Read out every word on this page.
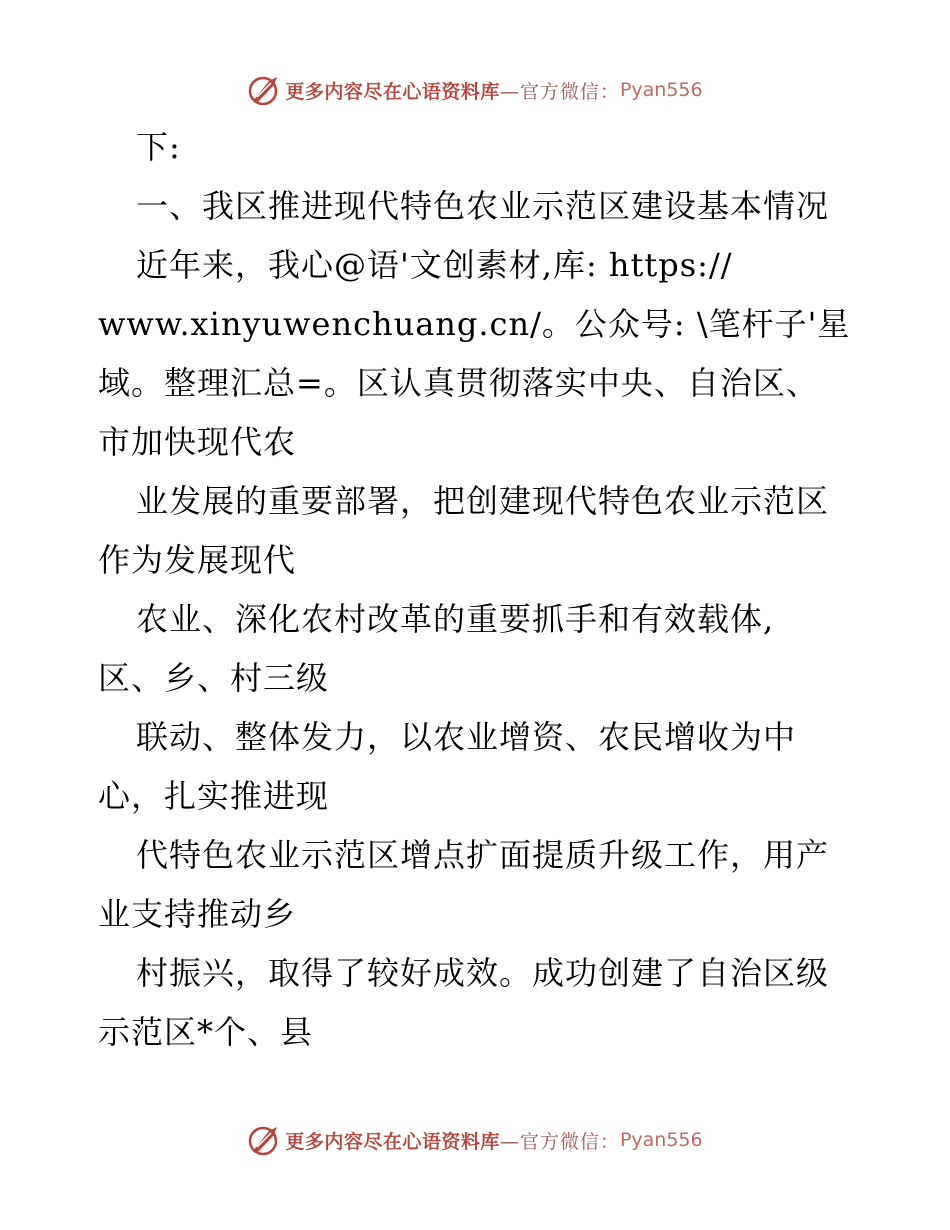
更多内容尽在心语资料库 —官方微信： Pyan556
下:
一、我区推进现代特色农业示范区建设基本情况
近年来，我心@语'文创素材,库: https://
www.xinyuwenchuang.cn/。公众号: \笔杆子'星
域。整理汇总=。区认真贯彻落实中央、自治区、
市加快现代农
业发展的重要部署，把创建现代特色农业示范区
作为发展现代
农业、深化农村改革的重要抓手和有效载体,
区、乡、村三级
联动、整体发力，以农业增资、农民增收为中
心，扎实推进现
代特色农业示范区增点扩面提质升级工作，用产
业支持推动乡
村振兴，取得了较好成效。成功创建了自治区级
示范区*个、县
更多内容尽在心语资料库 —官方微信： Pyan556
